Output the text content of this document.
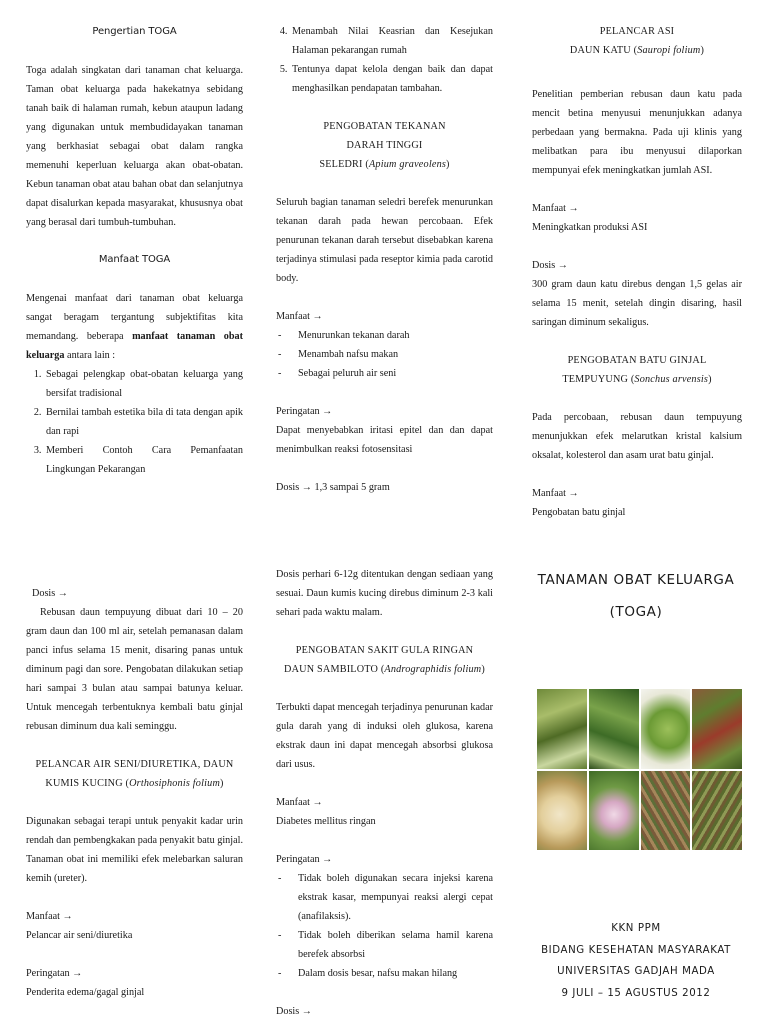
Pengertian TOGA

Toga adalah singkatan dari tanaman chat keluarga. Taman obat keluarga pada hakekatnya sebidang tanah baik di halaman rumah, kebun ataupun ladang yang digunakan untuk membudidayakan tanaman yang berkhasiat sebagai obat dalam rangka memenuhi keperluan keluarga akan obat-obatan. Kebun tanaman obat atau bahan obat dan selanjutnya dapat disalurkan kepada masyarakat, khususnya obat yang berasal dari tumbuh-tumbuhan.

Manfaat TOGA

Mengenai manfaat dari tanaman obat keluarga sangat beragam tergantung subjektifitas kita memandang. beberapa manfaat tanaman obat keluarga antara lain :

1. Sebagai pelengkap obat-obatan keluarga yang bersifat tradisional
2. Bernilai tambah estetika bila di tata dengan apik dan rapi
3. Memberi Contoh Cara Pemanfaatan Lingkungan Pekarangan
4. Menambah Nilai Keasrian dan Kesejukan Halaman pekarangan rumah
5. Tentunya dapat kelola dengan baik dan dapat menghasilkan pendapatan tambahan.
PENGOBATAN TEKANAN DARAH TINGGI
SELEDRI (Apium graveolens)

Seluruh bagian tanaman seledri berefek menurunkan tekanan darah pada hewan percobaan. Efek penurunan tekanan darah tersebut disebabkan karena terjadinya stimulasi pada reseptor kimia pada carotid body.

Manfaat →

- Menurunkan tekanan darah
- Menambah nafsu makan
- Sebagai peluruh air seni

Peringatan →

Dapat menyebabkan iritasi epitel dan dan dapat menimbulkan reaksi fotosensitasi

Dosis → 1,3 sampai 5 gram

PELANCAR ASI
DAUN KATU (Sauropi folium)

Penelitian pemberian rebusan daun katu pada mencit betina menyusui menunjukkan adanya perbedaan yang bermakna. Pada uji klinis yang melibatkan para ibu menyusui dilaporkan mempunyai efek meningkatkan jumlah ASI.

Manfaat →

Meningkatkan produksi ASI

Dosis →

300 gram daun katu direbus dengan 1,5 gelas air selama 15 menit, setelah dingin disaring, hasil saringan diminum sekaligus.

PENGOBATAN BATU GINJAL
TEMPUYUNG (Sonchus arvensis)

Pada percobaan, rebusan daun tempuyung menunjukkan efek melarutkan kristal kalsium oksalat, kolesterol dan asam urat batu ginjal.

Manfaat →

Pengobatan batu ginjal

Dosis →

Rebusan daun tempuyung dibuat dari 10 – 20 gram daun dan 100 ml air, setelah pemanasan dalam panci infus selama 15 menit, disaring panas untuk diminum pagi dan sore. Pengobatan dilakukan setiap hari sampai 3 bulan atau sampai batunya keluar. Untuk mencegah terbentuknya kembali batu ginjal rebusan diminum dua kali seminggu.

PELANCAR AIR SENI/DIURETIKA, DAUN
KUMIS KUCING (Orthosiphonis folium)

Digunakan sebagai terapi untuk penyakit kadar urin rendah dan pembengkakan pada penyakit batu ginjal. Tanaman obat ini memiliki efek melebarkan saluran kemih (ureter).

Manfaat →

Pelancar air seni/diuretika

Peringatan →

Penderita edema/gagal ginjal

Dosis perhari 6-12g ditentukan dengan sediaan yang sesuai. Daun kumis kucing direbus diminum 2-3 kali sehari pada waktu malam.

PENGOBATAN SAKIT GULA RINGAN
DAUN SAMBILOTO (Andrographidis folium)

Terbukti dapat mencegah terjadinya penurunan kadar gula darah yang di induksi oleh glukosa, karena ekstrak daun ini dapat mencegah absorbsi glukosa dari usus.

Manfaat →

Diabetes mellitus ringan

Peringatan →

- Tidak boleh digunakan secara injeksi karena ekstrak kasar, mempunyai reaksi alergi cepat (anafilaksis).
- Tidak boleh diberikan selama hamil karena berefek absorbsi
- Dalam dosis besar, nafsu makan hilang

Dosis →

TANAMAN OBAT KELUARGA
(TOGA)
KKN PPM
BIDANG KESEHATAN MASYARAKAT
UNIVERSITAS GADJAH MADA
9 JULI – 15 AGUSTUS 2012
